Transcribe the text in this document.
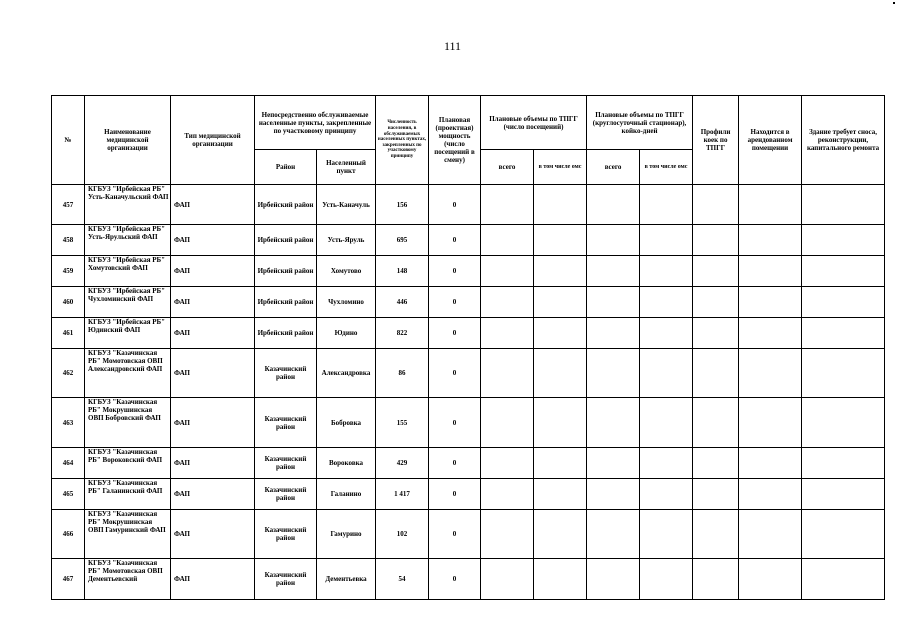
111
№	Наименование медицинской организации	Тип медицинской организации	Непосредственно обслуживаемые населенные пункты, закрепленные по участковому принципу		Численность населения, в обслуживаемых населенных пунктах, закрепленных по участковому принципу	Плановая (проектная) мощность (число посещений в смену)	Плановые объемы по ТПГГ (число посещений)		Плановые объемы по ТПГГ (круглосуточный стационар), койко-дней		Профили коек по ТПГГ	Находится в арендованном помещении	Здание требует сноса, реконструкции, капитального ремонта
			Район	Населенный пункт			всего	в том числе омс	всего	в том числе омс			
457	КГБУЗ "Ирбейская РБ" Усть-Каначульский ФАП	ФАП	Ирбейский район	Усть-Каначуль	156	0							
458	КГБУЗ "Ирбейская РБ" Усть-Ярульский ФАП	ФАП	Ирбейский район	Усть-Яруль	695	0							
459	КГБУЗ "Ирбейская РБ" Хомутовский ФАП	ФАП	Ирбейский район	Хомутово	148	0							
460	КГБУЗ "Ирбейская РБ" Чухломинский ФАП	ФАП	Ирбейский район	Чухломино	446	0							
461	КГБУЗ "Ирбейская РБ" Юдинский ФАП	ФАП	Ирбейский район	Юдино	822	0							
462	КГБУЗ "Казачинская РБ" Момотовская ОВП Александровский ФАП	ФАП	Казачинский район	Александровка	86	0							
463	КГБУЗ "Казачинская РБ" Мокрушинская ОВП Бобровский ФАП	ФАП	Казачинский район	Бобровка	155	0							
464	КГБУЗ "Казачинская РБ" Вороковский ФАП	ФАП	Казачинский район	Вороковка	429	0							
465	КГБУЗ "Казачинская РБ" Галанинский ФАП	ФАП	Казачинский район	Галанино	1 417	0							
466	КГБУЗ "Казачинская РБ" Мокрушинская ОВП Гамуринский ФАП	ФАП	Казачинский район	Гамурино	102	0							
467	КГБУЗ "Казачинская РБ" Момотовская ОВП Дементьевский	ФАП	Казачинский район	Дементьевка	54	0							
